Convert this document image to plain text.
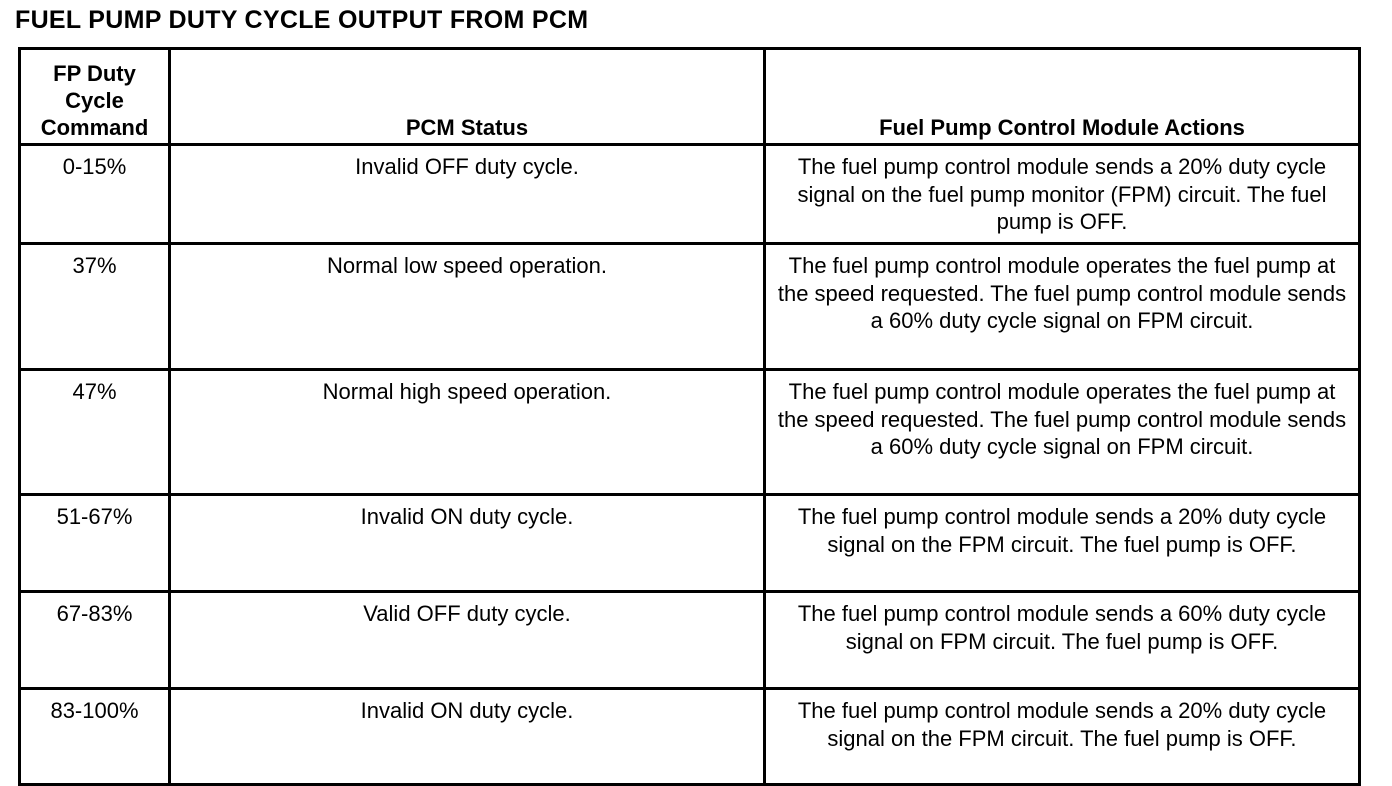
FUEL PUMP DUTY CYCLE OUTPUT FROM PCM
FP Duty Cycle Command	PCM Status	Fuel Pump Control Module Actions
0-15%	Invalid OFF duty cycle.	The fuel pump control module sends a 20% duty cycle signal on the fuel pump monitor (FPM) circuit. The fuel pump is OFF.
37%	Normal low speed operation.	The fuel pump control module operates the fuel pump at the speed requested. The fuel pump control module sends a 60% duty cycle signal on FPM circuit.
47%	Normal high speed operation.	The fuel pump control module operates the fuel pump at the speed requested. The fuel pump control module sends a 60% duty cycle signal on FPM circuit.
51-67%	Invalid ON duty cycle.	The fuel pump control module sends a 20% duty cycle signal on the FPM circuit. The fuel pump is OFF.
67-83%	Valid OFF duty cycle.	The fuel pump control module sends a 60% duty cycle signal on FPM circuit. The fuel pump is OFF.
83-100%	Invalid ON duty cycle.	The fuel pump control module sends a 20% duty cycle signal on the FPM circuit. The fuel pump is OFF.
